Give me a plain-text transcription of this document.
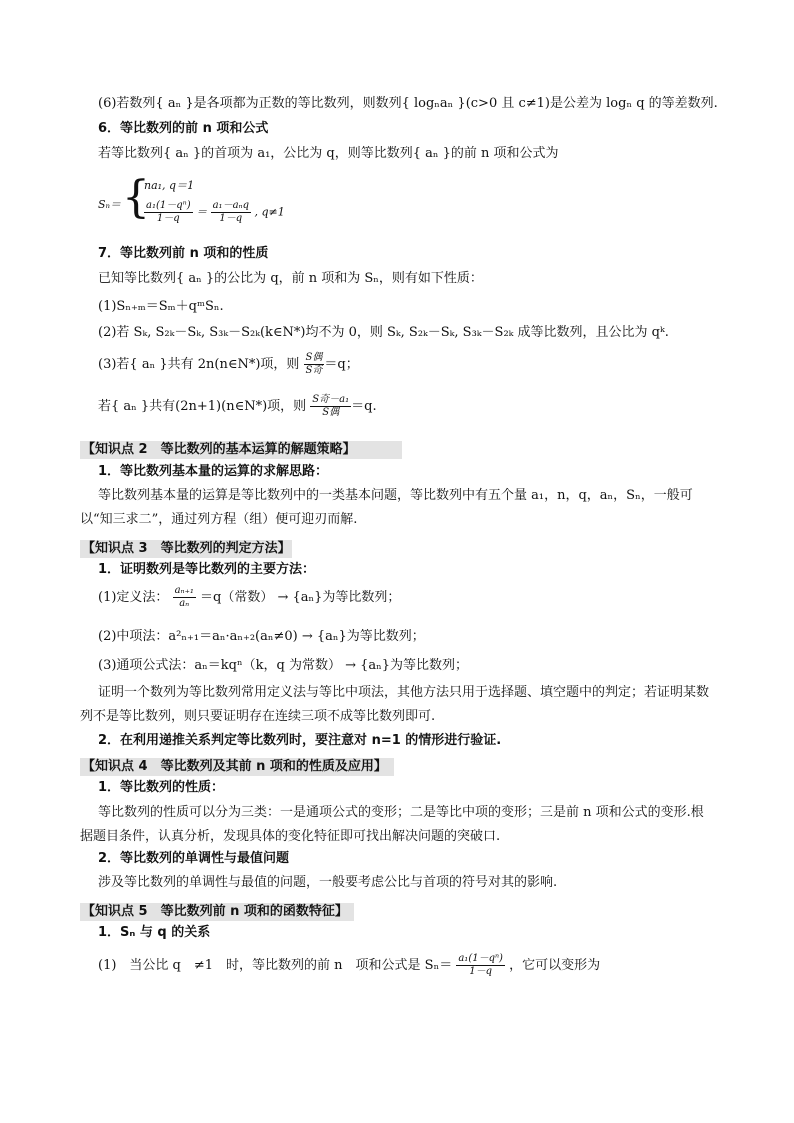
(6)若数列{ aₙ }是各项都为正数的等比数列，则数列{ logₙaₙ }(c>0 且 c≠1)是公差为 logₙ q 的等差数列.
6．等比数列的前 n 项和公式
若等比数列{ aₙ }的首项为 a₁，公比为 q，则等比数列{ aₙ }的前 n 项和公式为
Sₙ＝ {
na₁, q＝1
$\frac{\text{a₁(1－qⁿ)}}{1-q} = \frac{\text{a₁－aₙq}}{1-q}$ , q≠1
7．等比数列前 n 项和的性质
已知等比数列{ aₙ }的公比为 q，前 n 项和为 Sₙ，则有如下性质：
(1)Sₙ₊ₘ＝Sₘ＋qᵐSₙ.
(2)若 Sₖ, S₂ₖ－Sₖ, S₃ₖ－S₂ₖ(k∈N*)均不为 0，则 Sₖ, S₂ₖ－Sₖ, S₃ₖ－S₂ₖ 成等比数列，且公比为 qᵏ.
(3)若{ aₙ }共有 2n(n∈N*)项，则 $\frac{\text{S偶}}{\text{S奇}} =q$；
若{ aₙ }共有(2n+1)(n∈N*)项，则 $\frac{\text{S奇－a₁}}{\text{S偶}} =q$.
【知识点 2　等比数列的基本运算的解题策略】
1．等比数列基本量的运算的求解思路：
等比数列基本量的运算是等比数列中的一类基本问题，等比数列中有五个量 a₁，n，q，aₙ，Sₙ，一般可以“知三求二”，通过列方程（组）便可迎刃而解.
【知识点 3　等比数列的判定方法】
1．证明数列是等比数列的主要方法：
(1)定义法： $\frac{\text{aₙ₊₁}}{\text{aₙ}} =q$（常数） → {aₙ}为等比数列；
(2)中项法：a²ₙ₊₁＝aₙ·aₙ₊₂(aₙ≠0) → {aₙ}为等比数列；
(3)通项公式法：aₙ＝kqⁿ（k，q 为常数） → {aₙ}为等比数列；
证明一个数列为等比数列常用定义法与等比中项法，其他方法只用于选择题、填空题中的判定；若证明某数列不是等比数列，则只要证明存在连续三项不成等比数列即可.
2．在利用递推关系判定等比数列时，要注意对 n=1 的情形进行验证.
【知识点 4　等比数列及其前 n 项和的性质及应用】
1．等比数列的性质：
等比数列的性质可以分为三类：一是通项公式的变形；二是等比中项的变形；三是前 n 项和公式的变形.根据题目条件，认真分析，发现具体的变化特征即可找出解决问题的突破口.
2．等比数列的单调性与最值问题
涉及等比数列的单调性与最值的问题，一般要考虑公比与首项的符号对其的影响.
【知识点 5　等比数列前 n 项和的函数特征】
1．Sₙ 与 q 的关系
(1)　当公比 q　≠1　时，等比数列的前 n　项和公式是 $S_n= \frac{\text{a₁(1－qⁿ)}}{1-q}$ ，它可以变形为
